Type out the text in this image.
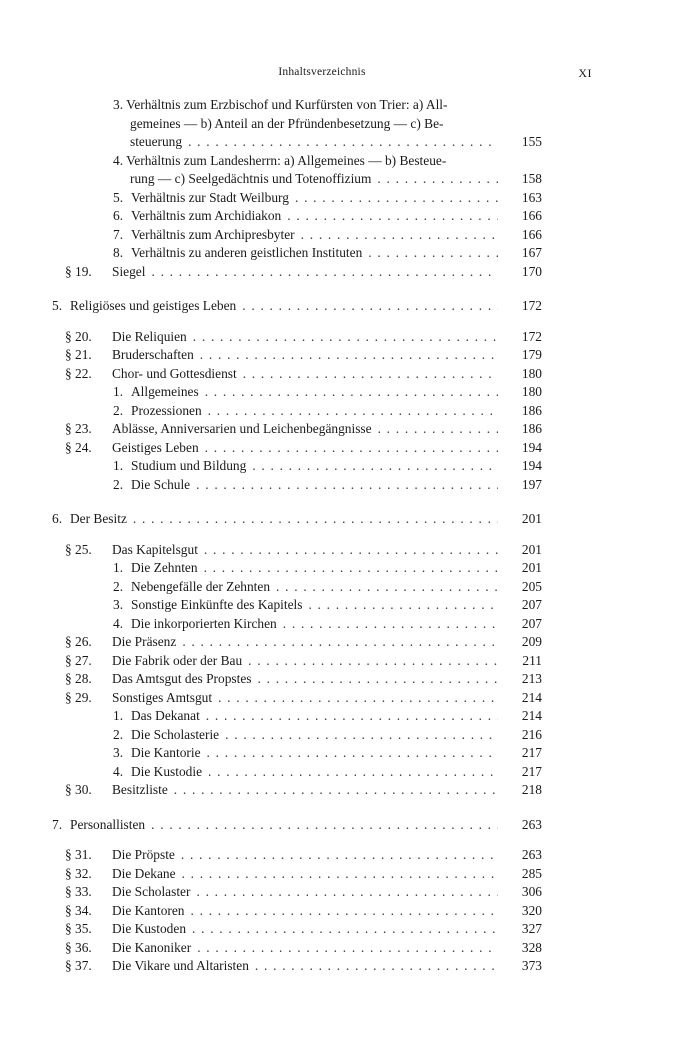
Inhaltsverzeichnis	XI
3. Verhältnis zum Erzbischof und Kurfürsten von Trier: a) All-
gemeines — b) Anteil an der Pfründenbesetzung — c) Be-
steuerung . . .	155
4. Verhältnis zum Landesherrn: a) Allgemeines — b) Besteue-
rung — c) Seelgedächtnis und Totenoffizium . . .	158
5. Verhältnis zur Stadt Weilburg . . .	163
6. Verhältnis zum Archidiakon . . .	166
7. Verhältnis zum Archipresbyter . . .	166
8. Verhältnis zu anderen geistlichen Instituten . . .	167
§ 19.	Siegel . . .	170
5. Religiöses und geistiges Leben . . .	172
§ 20.	Die Reliquien . . .	172
§ 21.	Bruderschaften . . .	179
§ 22.	Chor- und Gottesdienst . . .	180
1. Allgemeines . . .	180
2. Prozessionen . . .	186
§ 23.	Ablässe, Anniversarien und Leichenbegängnisse . . .	186
§ 24.	Geistiges Leben . . .	194
1. Studium und Bildung . . .	194
2. Die Schule . . .	197
6. Der Besitz . . .	201
§ 25.	Das Kapitelsgut . . .	201
1. Die Zehnten . . .	201
2. Nebengefälle der Zehnten . . .	205
3. Sonstige Einkünfte des Kapitels . . .	207
4. Die inkorporierten Kirchen . . .	207
§ 26.	Die Präsenz . . .	209
§ 27.	Die Fabrik oder der Bau . . .	211
§ 28.	Das Amtsgut des Propstes . . .	213
§ 29.	Sonstiges Amtsgut . . .	214
1. Das Dekanat . . .	214
2. Die Scholasterie . . .	216
3. Die Kantorie . . .	217
4. Die Kustodie . . .	217
§ 30.	Besitzliste . . .	218
7. Personallisten . . .	263
§ 31.	Die Pröpste . . .	263
§ 32.	Die Dekane . . .	285
§ 33.	Die Scholaster . . .	306
§ 34.	Die Kantoren . . .	320
§ 35.	Die Kustoden . . .	327
§ 36.	Die Kanoniker . . .	328
§ 37.	Die Vikare und Altaristen . . .	373
